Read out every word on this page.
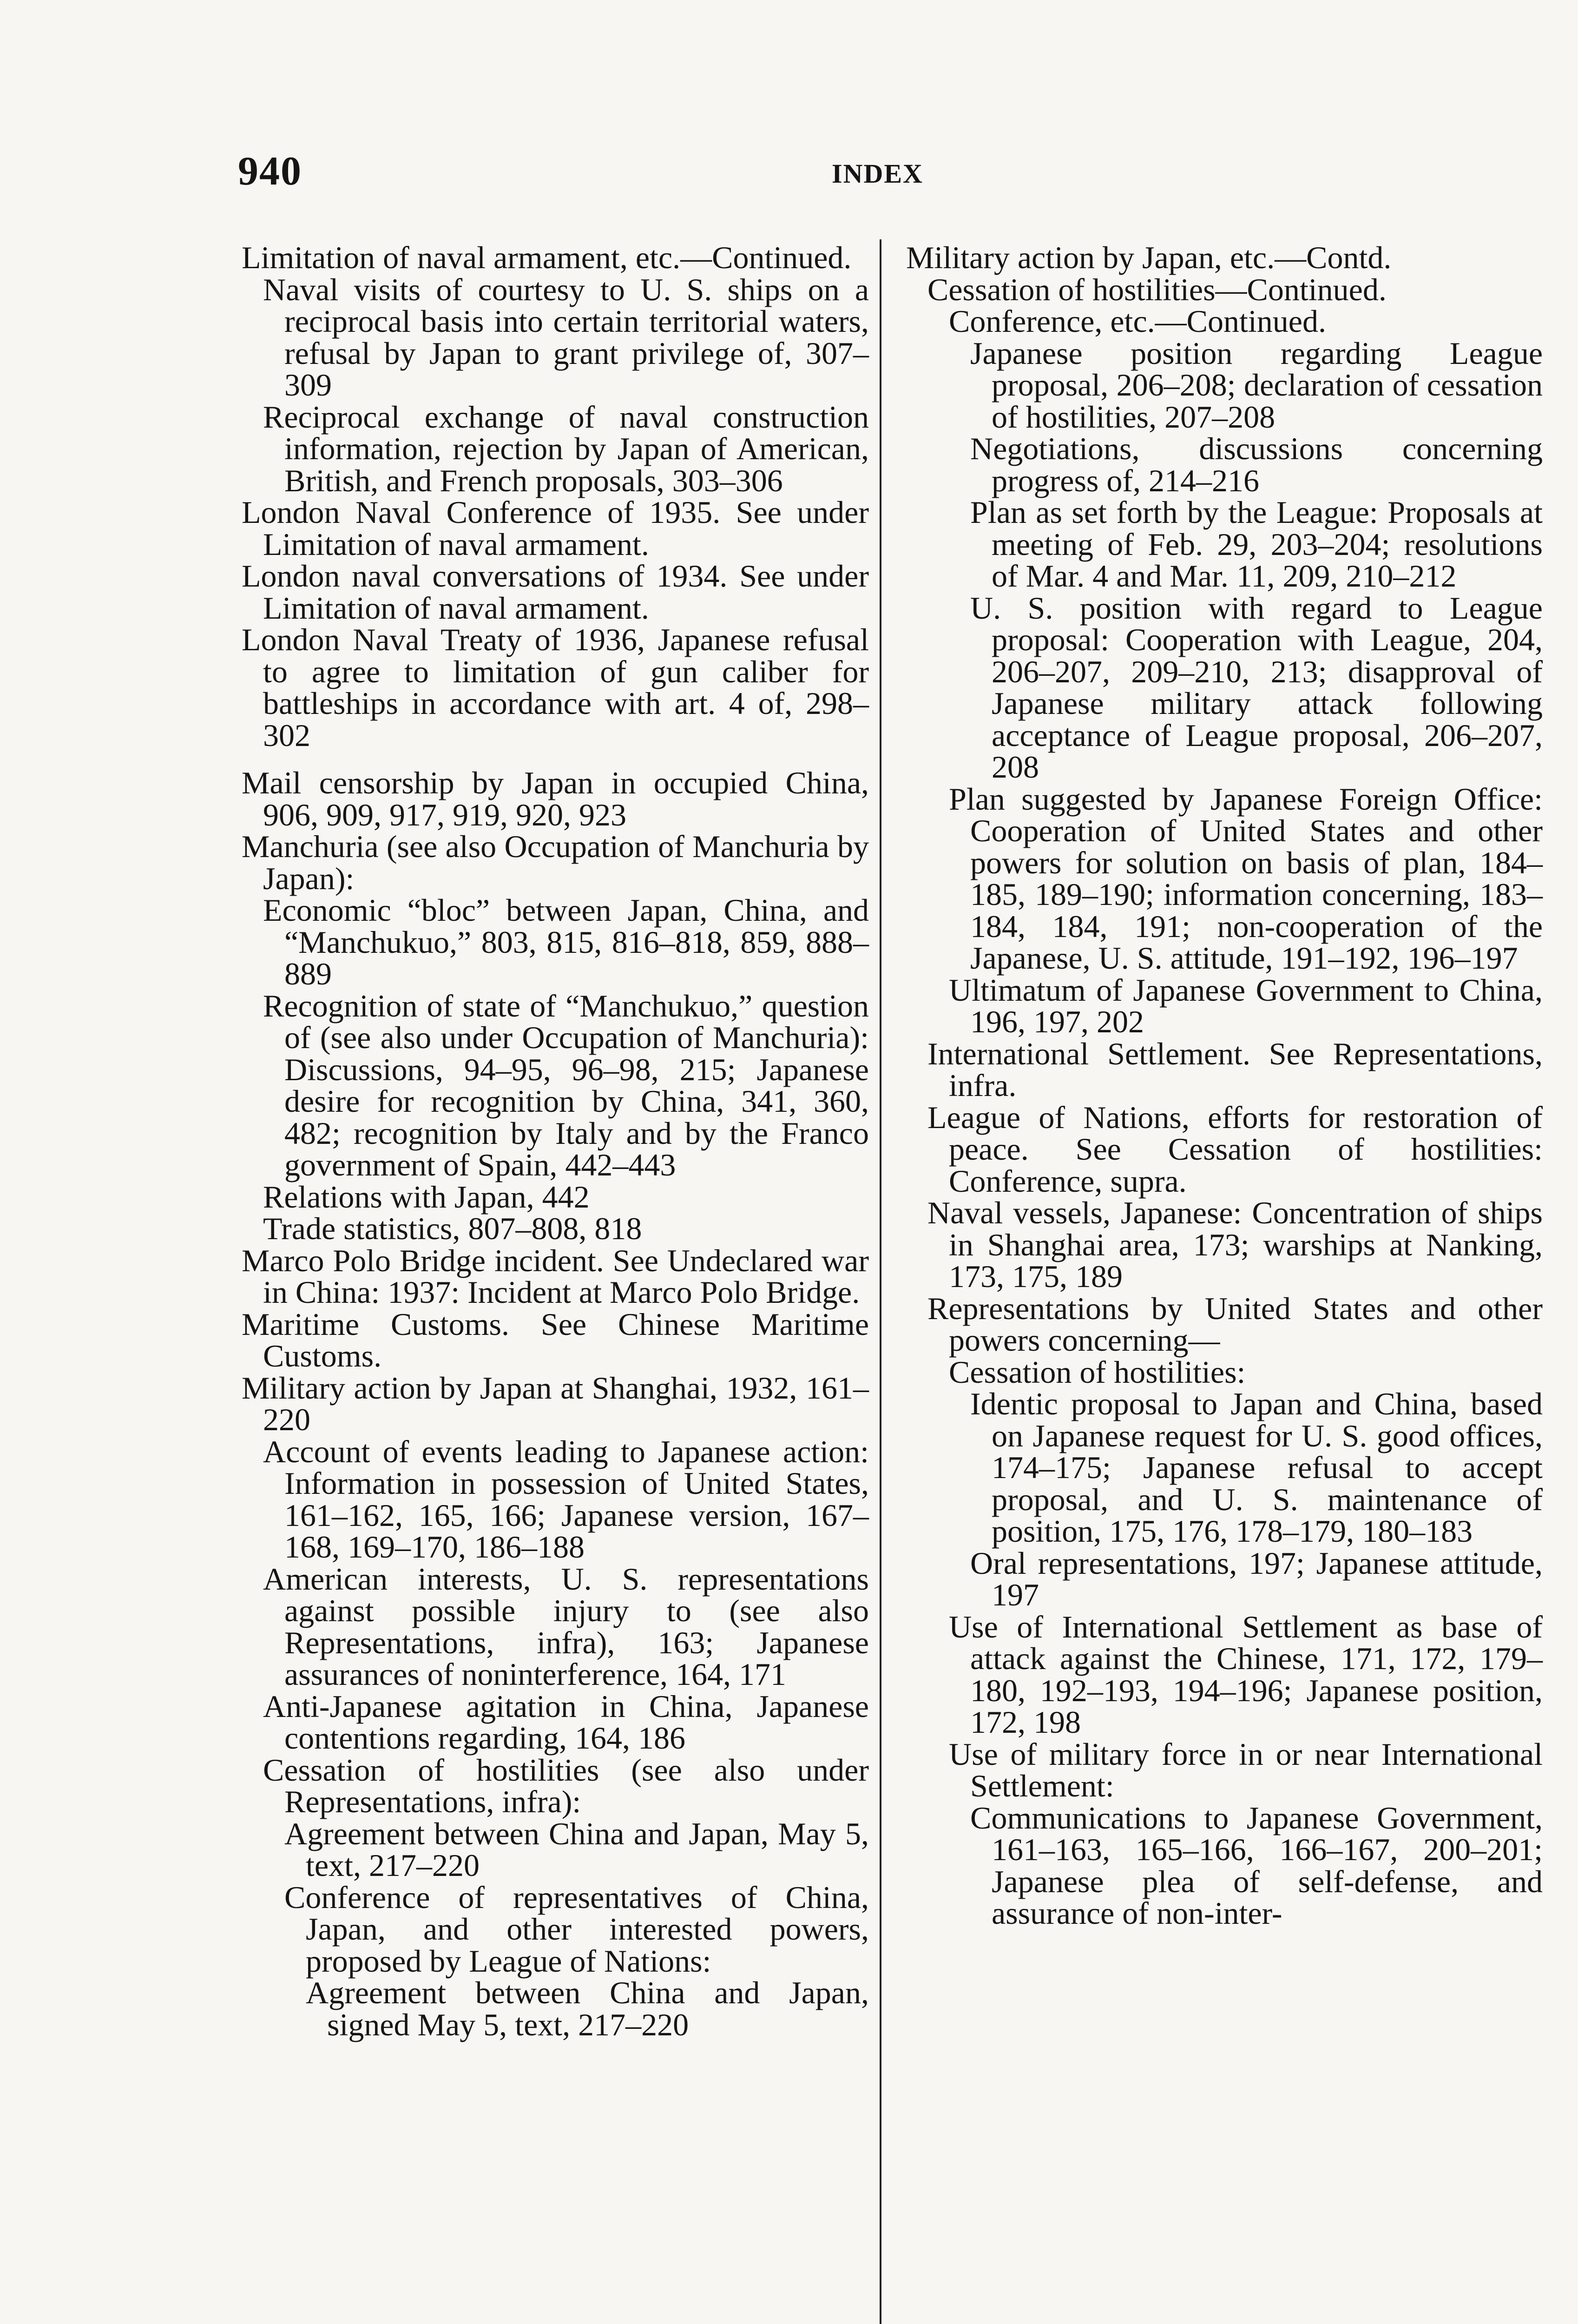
940	INDEX
Limitation of naval armament, etc.—Continued.
Naval visits of courtesy to U. S. ships on a reciprocal basis into certain territorial waters, refusal by Japan to grant privilege of, 307–309
Reciprocal exchange of naval construction information, rejection by Japan of American, British, and French proposals, 303–306
London Naval Conference of 1935. See under Limitation of naval armament.
London naval conversations of 1934. See under Limitation of naval armament.
London Naval Treaty of 1936, Japanese refusal to agree to limitation of gun caliber for battleships in accordance with art. 4 of, 298–302
Mail censorship by Japan in occupied China, 906, 909, 917, 919, 920, 923
Manchuria (see also Occupation of Manchuria by Japan):
Economic “bloc” between Japan, China, and “Manchukuo,” 803, 815, 816–818, 859, 888–889
Recognition of state of “Manchukuo,” question of (see also under Occupation of Manchuria): Discussions, 94–95, 96–98, 215; Japanese desire for recognition by China, 341, 360, 482; recognition by Italy and by the Franco government of Spain, 442–443
Relations with Japan, 442
Trade statistics, 807–808, 818
Marco Polo Bridge incident. See Undeclared war in China: 1937: Incident at Marco Polo Bridge.
Maritime Customs. See Chinese Maritime Customs.
Military action by Japan at Shanghai, 1932, 161–220
Account of events leading to Japanese action: Information in possession of United States, 161–162, 165, 166; Japanese version, 167–168, 169–170, 186–188
American interests, U. S. representations against possible injury to (see also Representations, infra), 163; Japanese assurances of noninterference, 164, 171
Anti-Japanese agitation in China, Japanese contentions regarding, 164, 186
Cessation of hostilities (see also under Representations, infra):
Agreement between China and Japan, May 5, text, 217–220
Conference of representatives of China, Japan, and other interested powers, proposed by League of Nations:
Agreement between China and Japan, signed May 5, text, 217–220
Military action by Japan, etc.—Contd.
Cessation of hostilities—Continued.
Conference, etc.—Continued.
Japanese position regarding League proposal, 206–208; declaration of cessation of hostilities, 207–208
Negotiations, discussions concerning progress of, 214–216
Plan as set forth by the League: Proposals at meeting of Feb. 29, 203–204; resolutions of Mar. 4 and Mar. 11, 209, 210–212
U. S. position with regard to League proposal: Cooperation with League, 204, 206–207, 209–210, 213; disapproval of Japanese military attack following acceptance of League proposal, 206–207, 208
Plan suggested by Japanese Foreign Office: Cooperation of United States and other powers for solution on basis of plan, 184–185, 189–190; information concerning, 183–184, 184, 191; non-cooperation of the Japanese, U. S. attitude, 191–192, 196–197
Ultimatum of Japanese Government to China, 196, 197, 202
International Settlement. See Representations, infra.
League of Nations, efforts for restoration of peace. See Cessation of hostilities: Conference, supra.
Naval vessels, Japanese: Concentration of ships in Shanghai area, 173; warships at Nanking, 173, 175, 189
Representations by United States and other powers concerning—
Cessation of hostilities:
Identic proposal to Japan and China, based on Japanese request for U. S. good offices, 174–175; Japanese refusal to accept proposal, and U. S. maintenance of position, 175, 176, 178–179, 180–183
Oral representations, 197; Japanese attitude, 197
Use of International Settlement as base of attack against the Chinese, 171, 172, 179–180, 192–193, 194–196; Japanese position, 172, 198
Use of military force in or near International Settlement:
Communications to Japanese Government, 161–163, 165–166, 166–167, 200–201; Japanese plea of self-defense, and assurance of non-inter-
